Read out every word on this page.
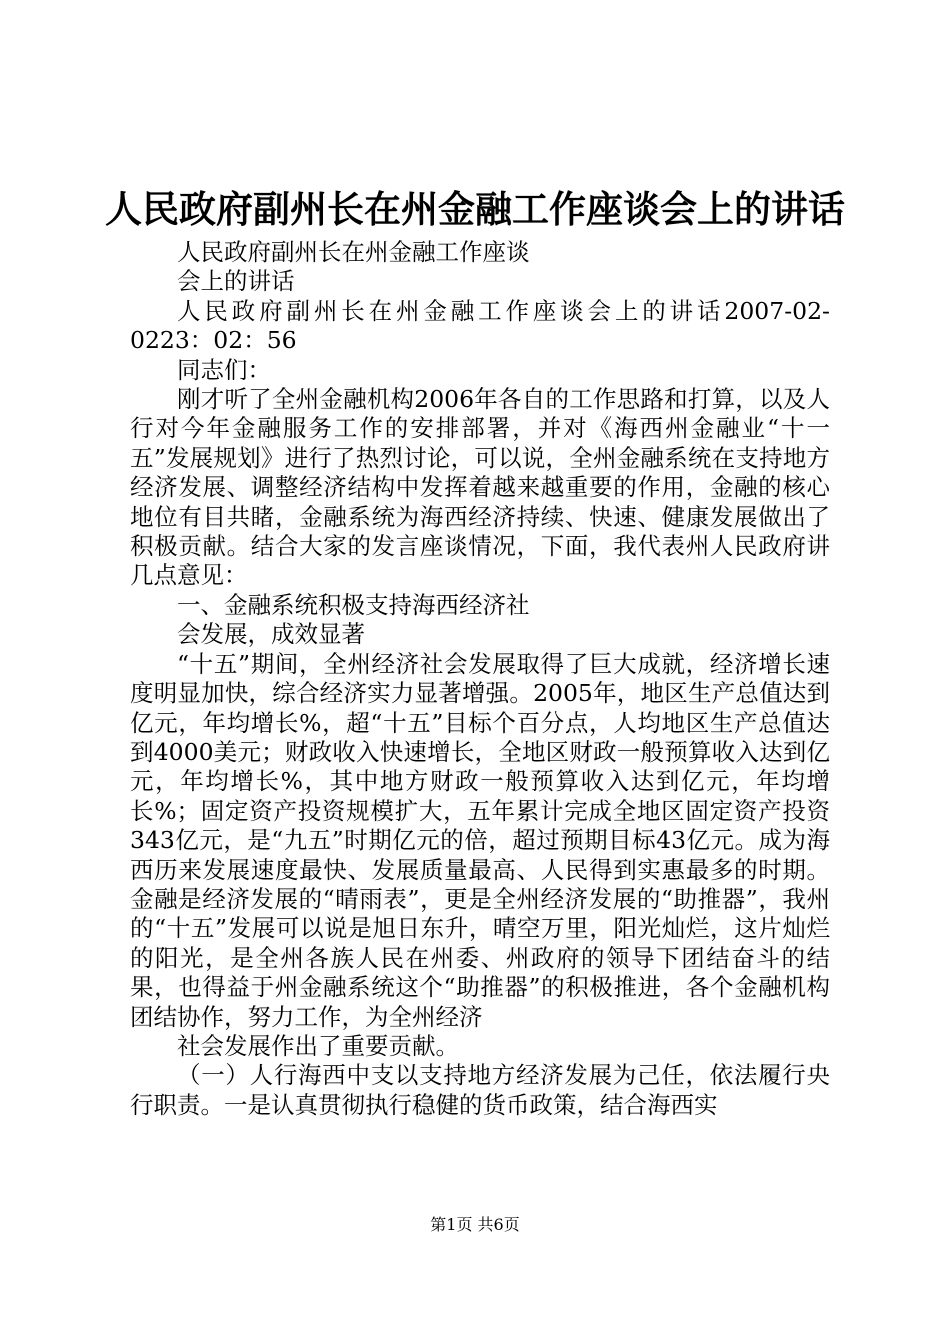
人民政府副州长在州金融工作座谈会上的讲话

人民政府副州长在州金融工作座谈

会上的讲话

人民政府副州长在州金融工作座谈会上的讲话2007-02-0223：02：56

同志们：

刚才听了全州金融机构2006年各自的工作思路和打算，以及人行对今年金融服务工作的安排部署，并对《海西州金融业“十一五”发展规划》进行了热烈讨论，可以说，全州金融系统在支持地方经济发展、调整经济结构中发挥着越来越重要的作用，金融的核心地位有目共睹，金融系统为海西经济持续、快速、健康发展做出了积极贡献。结合大家的发言座谈情况，下面，我代表州人民政府讲几点意见：

一、金融系统积极支持海西经济社

会发展，成效显著

“十五”期间，全州经济社会发展取得了巨大成就，经济增长速度明显加快，综合经济实力显著增强。2005年，地区生产总值达到亿元，年均增长%，超“十五”目标个百分点，人均地区生产总值达到4000美元；财政收入快速增长，全地区财政一般预算收入达到亿元，年均增长%，其中地方财政一般预算收入达到亿元，年均增长%；固定资产投资规模扩大，五年累计完成全地区固定资产投资343亿元，是“九五”时期亿元的倍，超过预期目标43亿元。成为海西历来发展速度最快、发展质量最高、人民得到实惠最多的时期。金融是经济发展的“晴雨表”，更是全州经济发展的“助推器”，我州的“十五”发展可以说是旭日东升，晴空万里，阳光灿烂，这片灿烂的阳光，是全州各族人民在州委、州政府的领导下团结奋斗的结果，也得益于州金融系统这个“助推器”的积极推进，各个金融机构团结协作，努力工作，为全州经济

社会发展作出了重要贡献。

（一）人行海西中支以支持地方经济发展为己任，依法履行央行职责。一是认真贯彻执行稳健的货币政策，结合海西实

第1页 共6页
